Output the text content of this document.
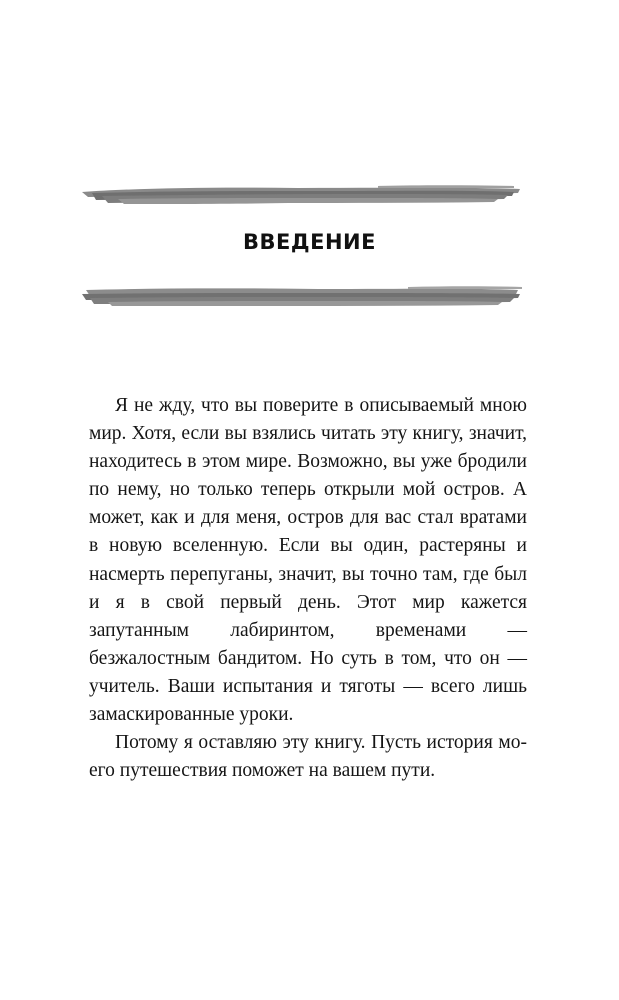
ВВЕДЕНИЕ

Я не жду, что вы поверите в описываемый мною мир. Хотя, если вы взялись читать эту книгу, значит, находитесь в этом мире. Возможно, вы уже бродили по нему, но только теперь открыли мой остров. А может, как и для меня, остров для вас стал вратами в новую вселенную. Если вы один, растеряны и насмерть перепуганы, значит, вы точно там, где был и я в свой первый день. Этот мир кажется запутанным лабиринтом, временами — безжалостным бандитом. Но суть в том, что он — учитель. Ваши испытания и тяготы — всего лишь замаскированные уроки.

Потому я оставляю эту книгу. Пусть история моего путешествия поможет на вашем пути.
